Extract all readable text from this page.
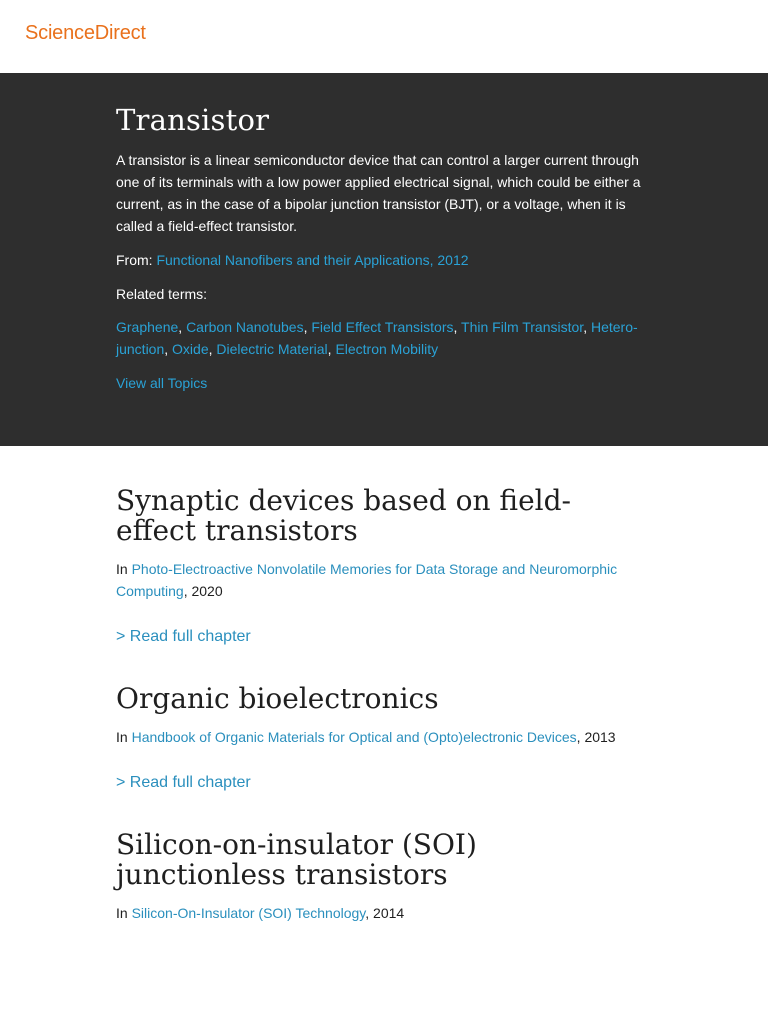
ScienceDirect
Transistor

A transistor is a linear semiconductor device that can control a larger current through one of its terminals with a low power applied electrical signal, which could be either a current, as in the case of a bipolar junction transistor (BJT), or a voltage, when it is called a field-effect transistor.

From: Functional Nanofibers and their Applications, 2012

Related terms:

Graphene, Carbon Nanotubes, Field Effect Transistors, Thin Film Transistor, Hetero-junction, Oxide, Dielectric Material, Electron Mobility

View all Topics
Synaptic devices based on field-effect transistors

In Photo-Electroactive Nonvolatile Memories for Data Storage and Neuromorphic Computing, 2020

> Read full chapter
Organic bioelectronics

In Handbook of Organic Materials for Optical and (Opto)electronic Devices, 2013

> Read full chapter
Silicon-on-insulator (SOI) junctionless transistors

In Silicon-On-Insulator (SOI) Technology, 2014
